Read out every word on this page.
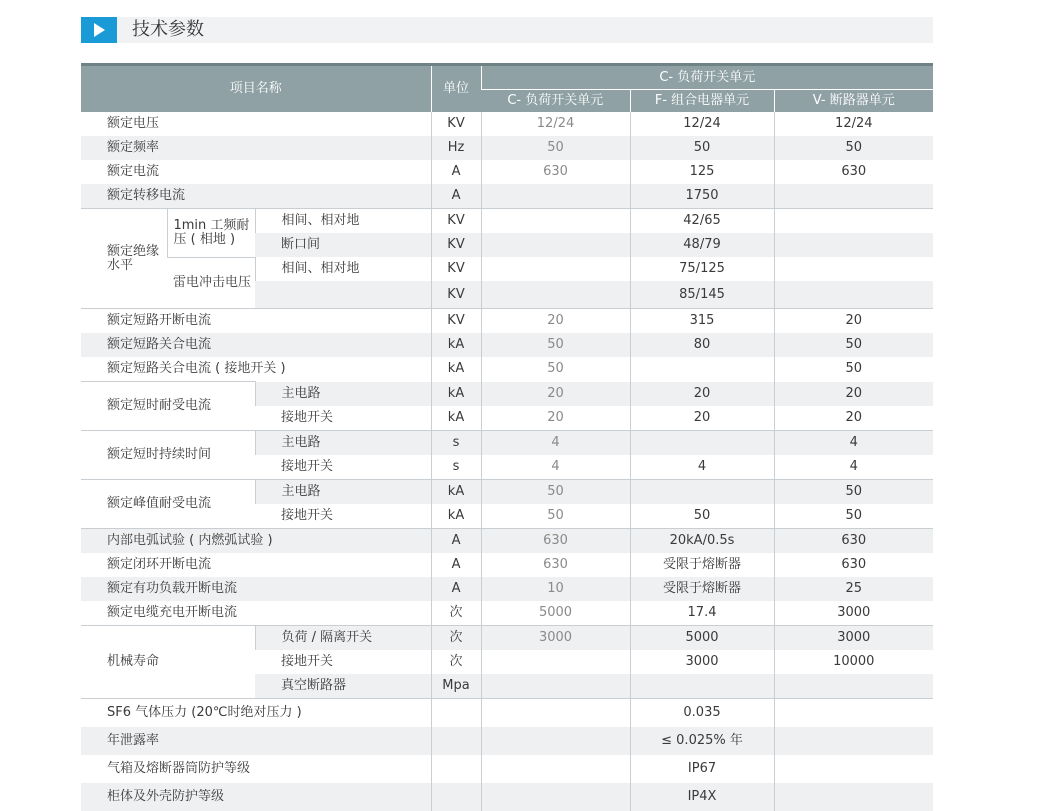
技术参数
项目名称			单位	C- 负荷开关单元		
				C- 负荷开关单元	F- 组合电器单元	V- 断路器单元
额定电压			KV	12/24	12/24	12/24
额定频率			Hz	50	50	50
额定电流			A	630	125	630
额定转移电流			A		1750	
额定绝缘水平	1min 工频耐压 ( 相地 )	相间、相对地	KV		42/65	
		断口间	KV		48/79	
	雷电冲击电压	相间、相对地	KV		75/125	
			KV		85/145	
额定短路开断电流			KV	20	315	20
额定短路关合电流			kA	50	80	50
额定短路关合电流 ( 接地开关 )			kA	50		50
额定短时耐受电流		主电路	kA	20	20	20
		接地开关	kA	20	20	20
额定短时持续时间		主电路	s	4		4
		接地开关	s	4	4	4
额定峰值耐受电流		主电路	kA	50		50
		接地开关	kA	50	50	50
内部电弧试验 ( 内燃弧试验 )			A	630	20kA/0.5s	630
额定闭环开断电流			A	630	受限于熔断器	630
额定有功负载开断电流			A	10	受限于熔断器	25
额定电缆充电开断电流			次	5000	17.4	3000
机械寿命		负荷 / 隔离开关	次	3000	5000	3000
		接地开关	次		3000	10000
		真空断路器	Mpa			
SF6 气体压力 (20℃时绝对压力 )					0.035	
年泄露率					≤ 0.025% 年	
气箱及熔断器筒防护等级					IP67	
柜体及外壳防护等级					IP4X	
